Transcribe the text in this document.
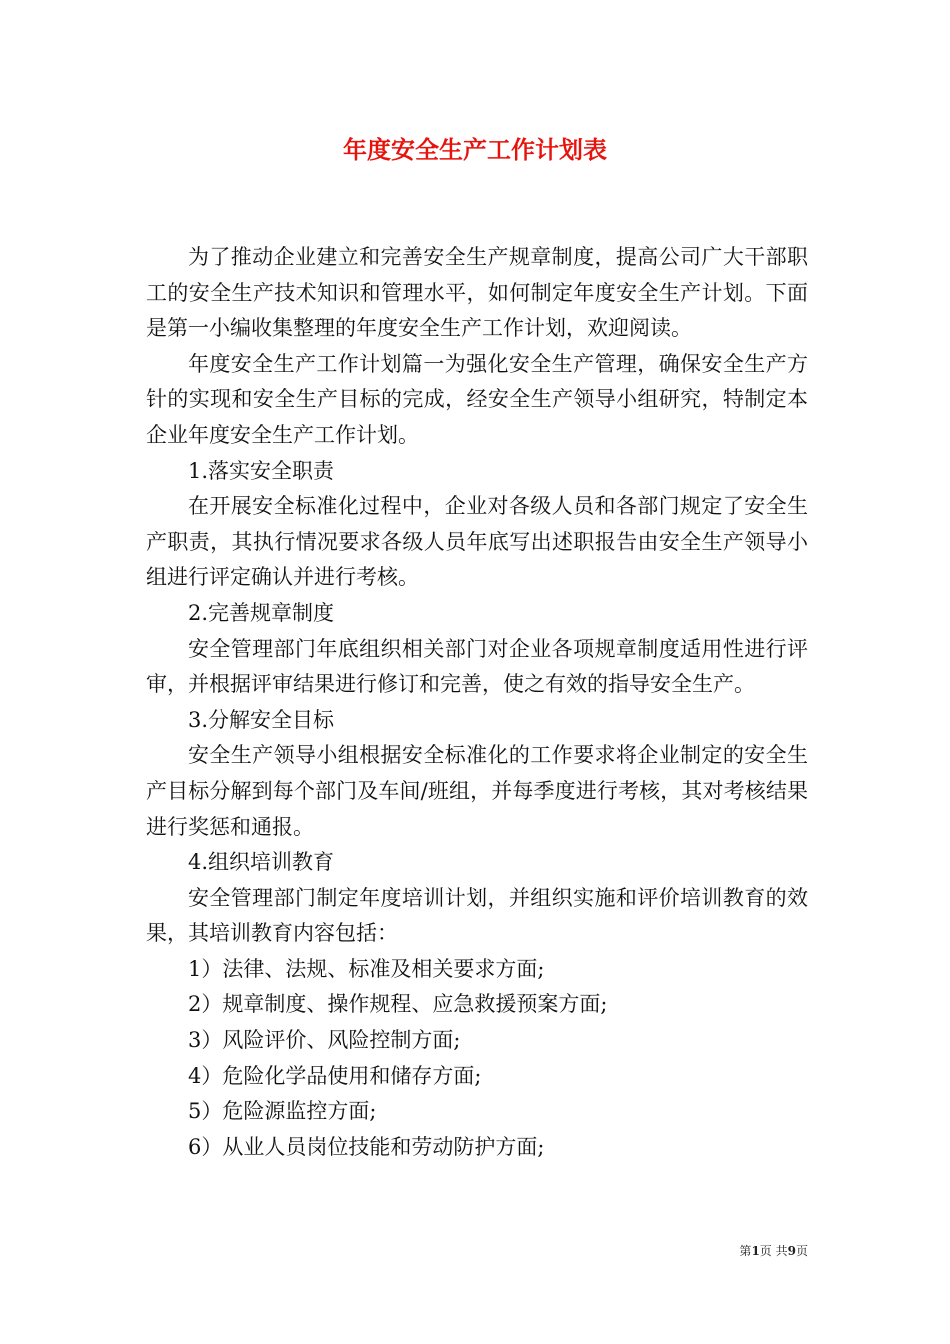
年度安全生产工作计划表

为了推动企业建立和完善安全生产规章制度，提高公司广大干部职工的安全生产技术知识和管理水平，如何制定年度安全生产计划。下面是第一小编收集整理的年度安全生产工作计划，欢迎阅读。

年度安全生产工作计划篇一为强化安全生产管理，确保安全生产方针的实现和安全生产目标的完成，经安全生产领导小组研究，特制定本企业年度安全生产工作计划。

1.落实安全职责

在开展安全标准化过程中，企业对各级人员和各部门规定了安全生产职责，其执行情况要求各级人员年底写出述职报告由安全生产领导小组进行评定确认并进行考核。

2.完善规章制度

安全管理部门年底组织相关部门对企业各项规章制度适用性进行评审，并根据评审结果进行修订和完善，使之有效的指导安全生产。

3.分解安全目标

安全生产领导小组根据安全标准化的工作要求将企业制定的安全生产目标分解到每个部门及车间/班组，并每季度进行考核，其对考核结果进行奖惩和通报。

4.组织培训教育

安全管理部门制定年度培训计划，并组织实施和评价培训教育的效果，其培训教育内容包括：

1）法律、法规、标准及相关要求方面;

2）规章制度、操作规程、应急救援预案方面;

3）风险评价、风险控制方面;

4）危险化学品使用和储存方面;

5）危险源监控方面;

6）从业人员岗位技能和劳动防护方面;

第1页 共9页
